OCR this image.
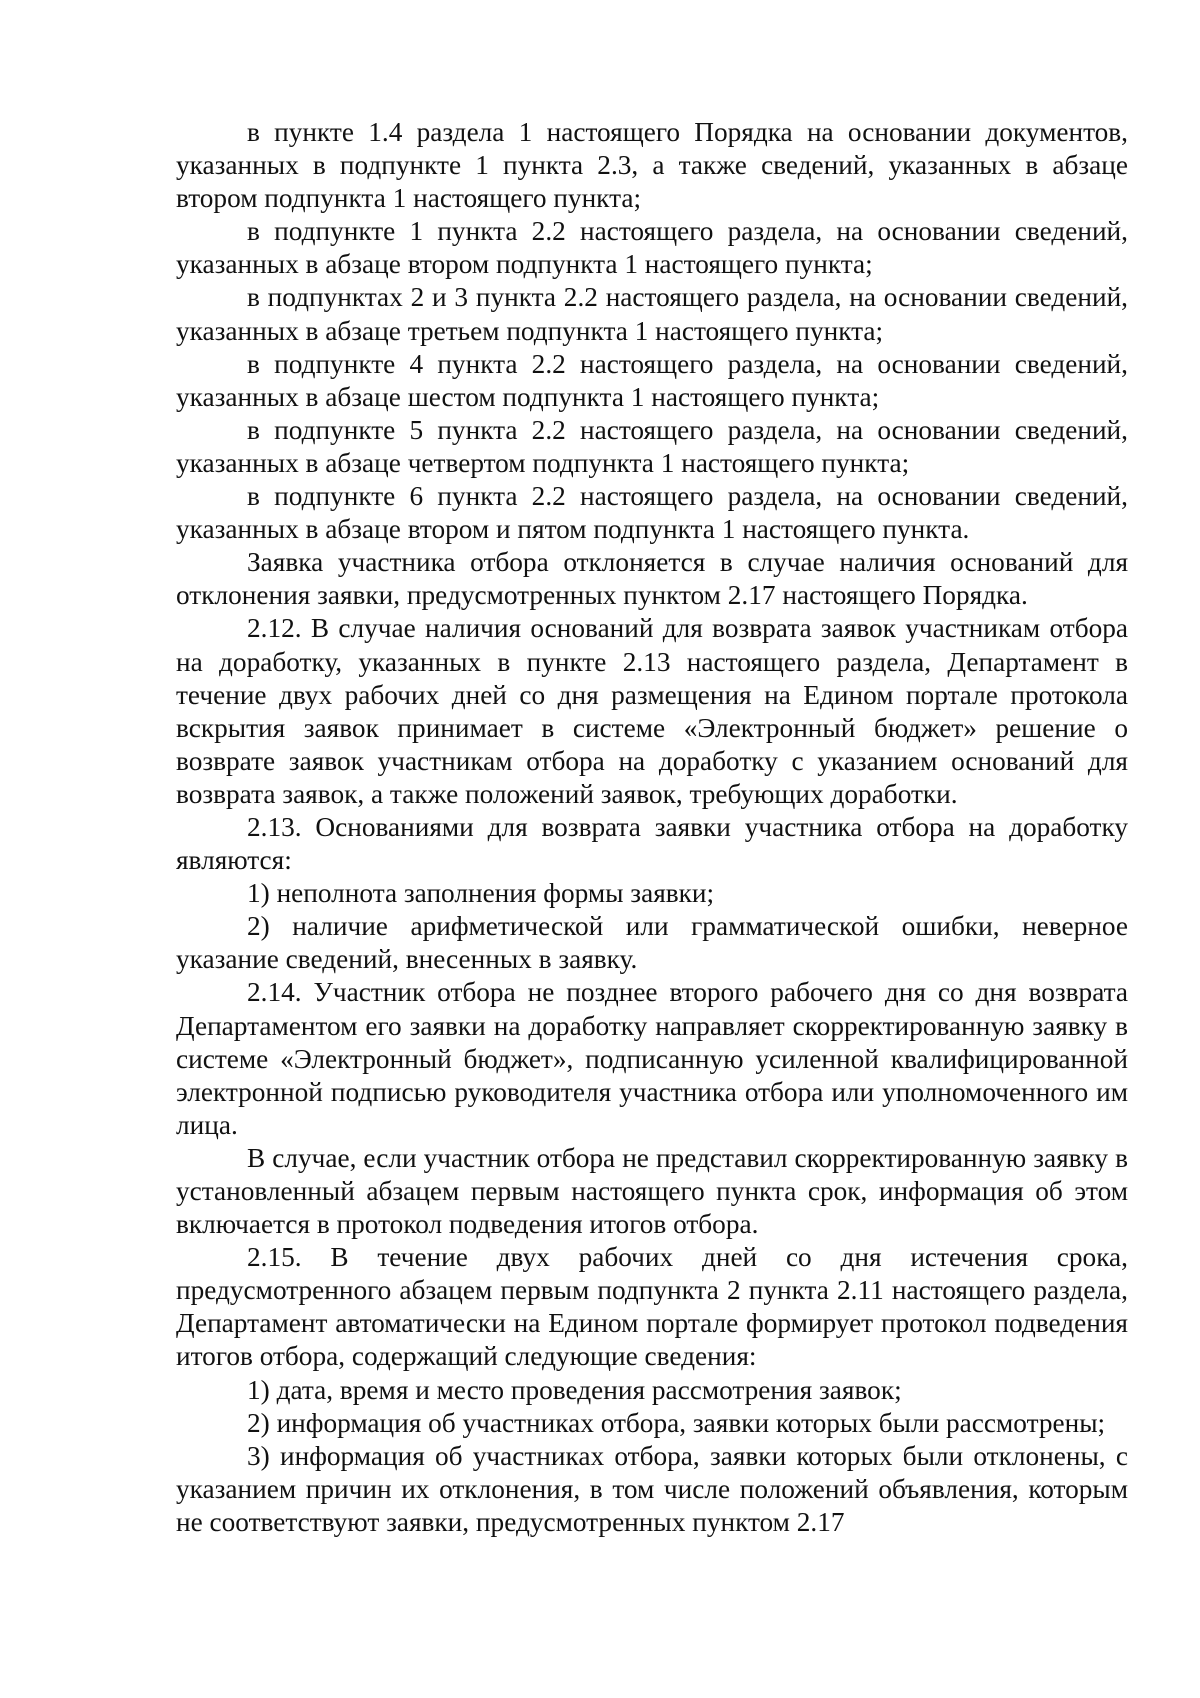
в пункте 1.4 раздела 1 настоящего Порядка на основании документов, указанных в подпункте 1 пункта 2.3, а также сведений, указанных в абзаце втором подпункта 1 настоящего пункта;

в подпункте 1 пункта 2.2 настоящего раздела, на основании сведений, указанных в абзаце втором подпункта 1 настоящего пункта;

в подпунктах 2 и 3 пункта 2.2 настоящего раздела, на основании сведений, указанных в абзаце третьем подпункта 1 настоящего пункта;

в подпункте 4 пункта 2.2 настоящего раздела, на основании сведений, указанных в абзаце шестом подпункта 1 настоящего пункта;

в подпункте 5 пункта 2.2 настоящего раздела, на основании сведений, указанных в абзаце четвертом подпункта 1 настоящего пункта;

в подпункте 6 пункта 2.2 настоящего раздела, на основании сведений, указанных в абзаце втором и пятом подпункта 1 настоящего пункта.

Заявка участника отбора отклоняется в случае наличия оснований для отклонения заявки, предусмотренных пунктом 2.17 настоящего Порядка.

2.12. В случае наличия оснований для возврата заявок участникам отбора на доработку, указанных в пункте 2.13 настоящего раздела, Департамент в течение двух рабочих дней со дня размещения на Едином портале протокола вскрытия заявок принимает в системе «Электронный бюджет» решение о возврате заявок участникам отбора на доработку с указанием оснований для возврата заявок, а также положений заявок, требующих доработки.

2.13. Основаниями для возврата заявки участника отбора на доработку являются:

1) неполнота заполнения формы заявки;

2) наличие арифметической или грамматической ошибки, неверное указание сведений, внесенных в заявку.

2.14. Участник отбора не позднее второго рабочего дня со дня возврата Департаментом его заявки на доработку направляет скорректированную заявку в системе «Электронный бюджет», подписанную усиленной квалифицированной электронной подписью руководителя участника отбора или уполномоченного им лица.

В случае, если участник отбора не представил скорректированную заявку в установленный абзацем первым настоящего пункта срок, информация об этом включается в протокол подведения итогов отбора.

2.15. В течение двух рабочих дней со дня истечения срока, предусмотренного абзацем первым подпункта 2 пункта 2.11 настоящего раздела, Департамент автоматически на Едином портале формирует протокол подведения итогов отбора, содержащий следующие сведения:

1) дата, время и место проведения рассмотрения заявок;

2) информация об участниках отбора, заявки которых были рассмотрены;

3) информация об участниках отбора, заявки которых были отклонены, с указанием причин их отклонения, в том числе положений объявления, которым не соответствуют заявки, предусмотренных пунктом 2.17
